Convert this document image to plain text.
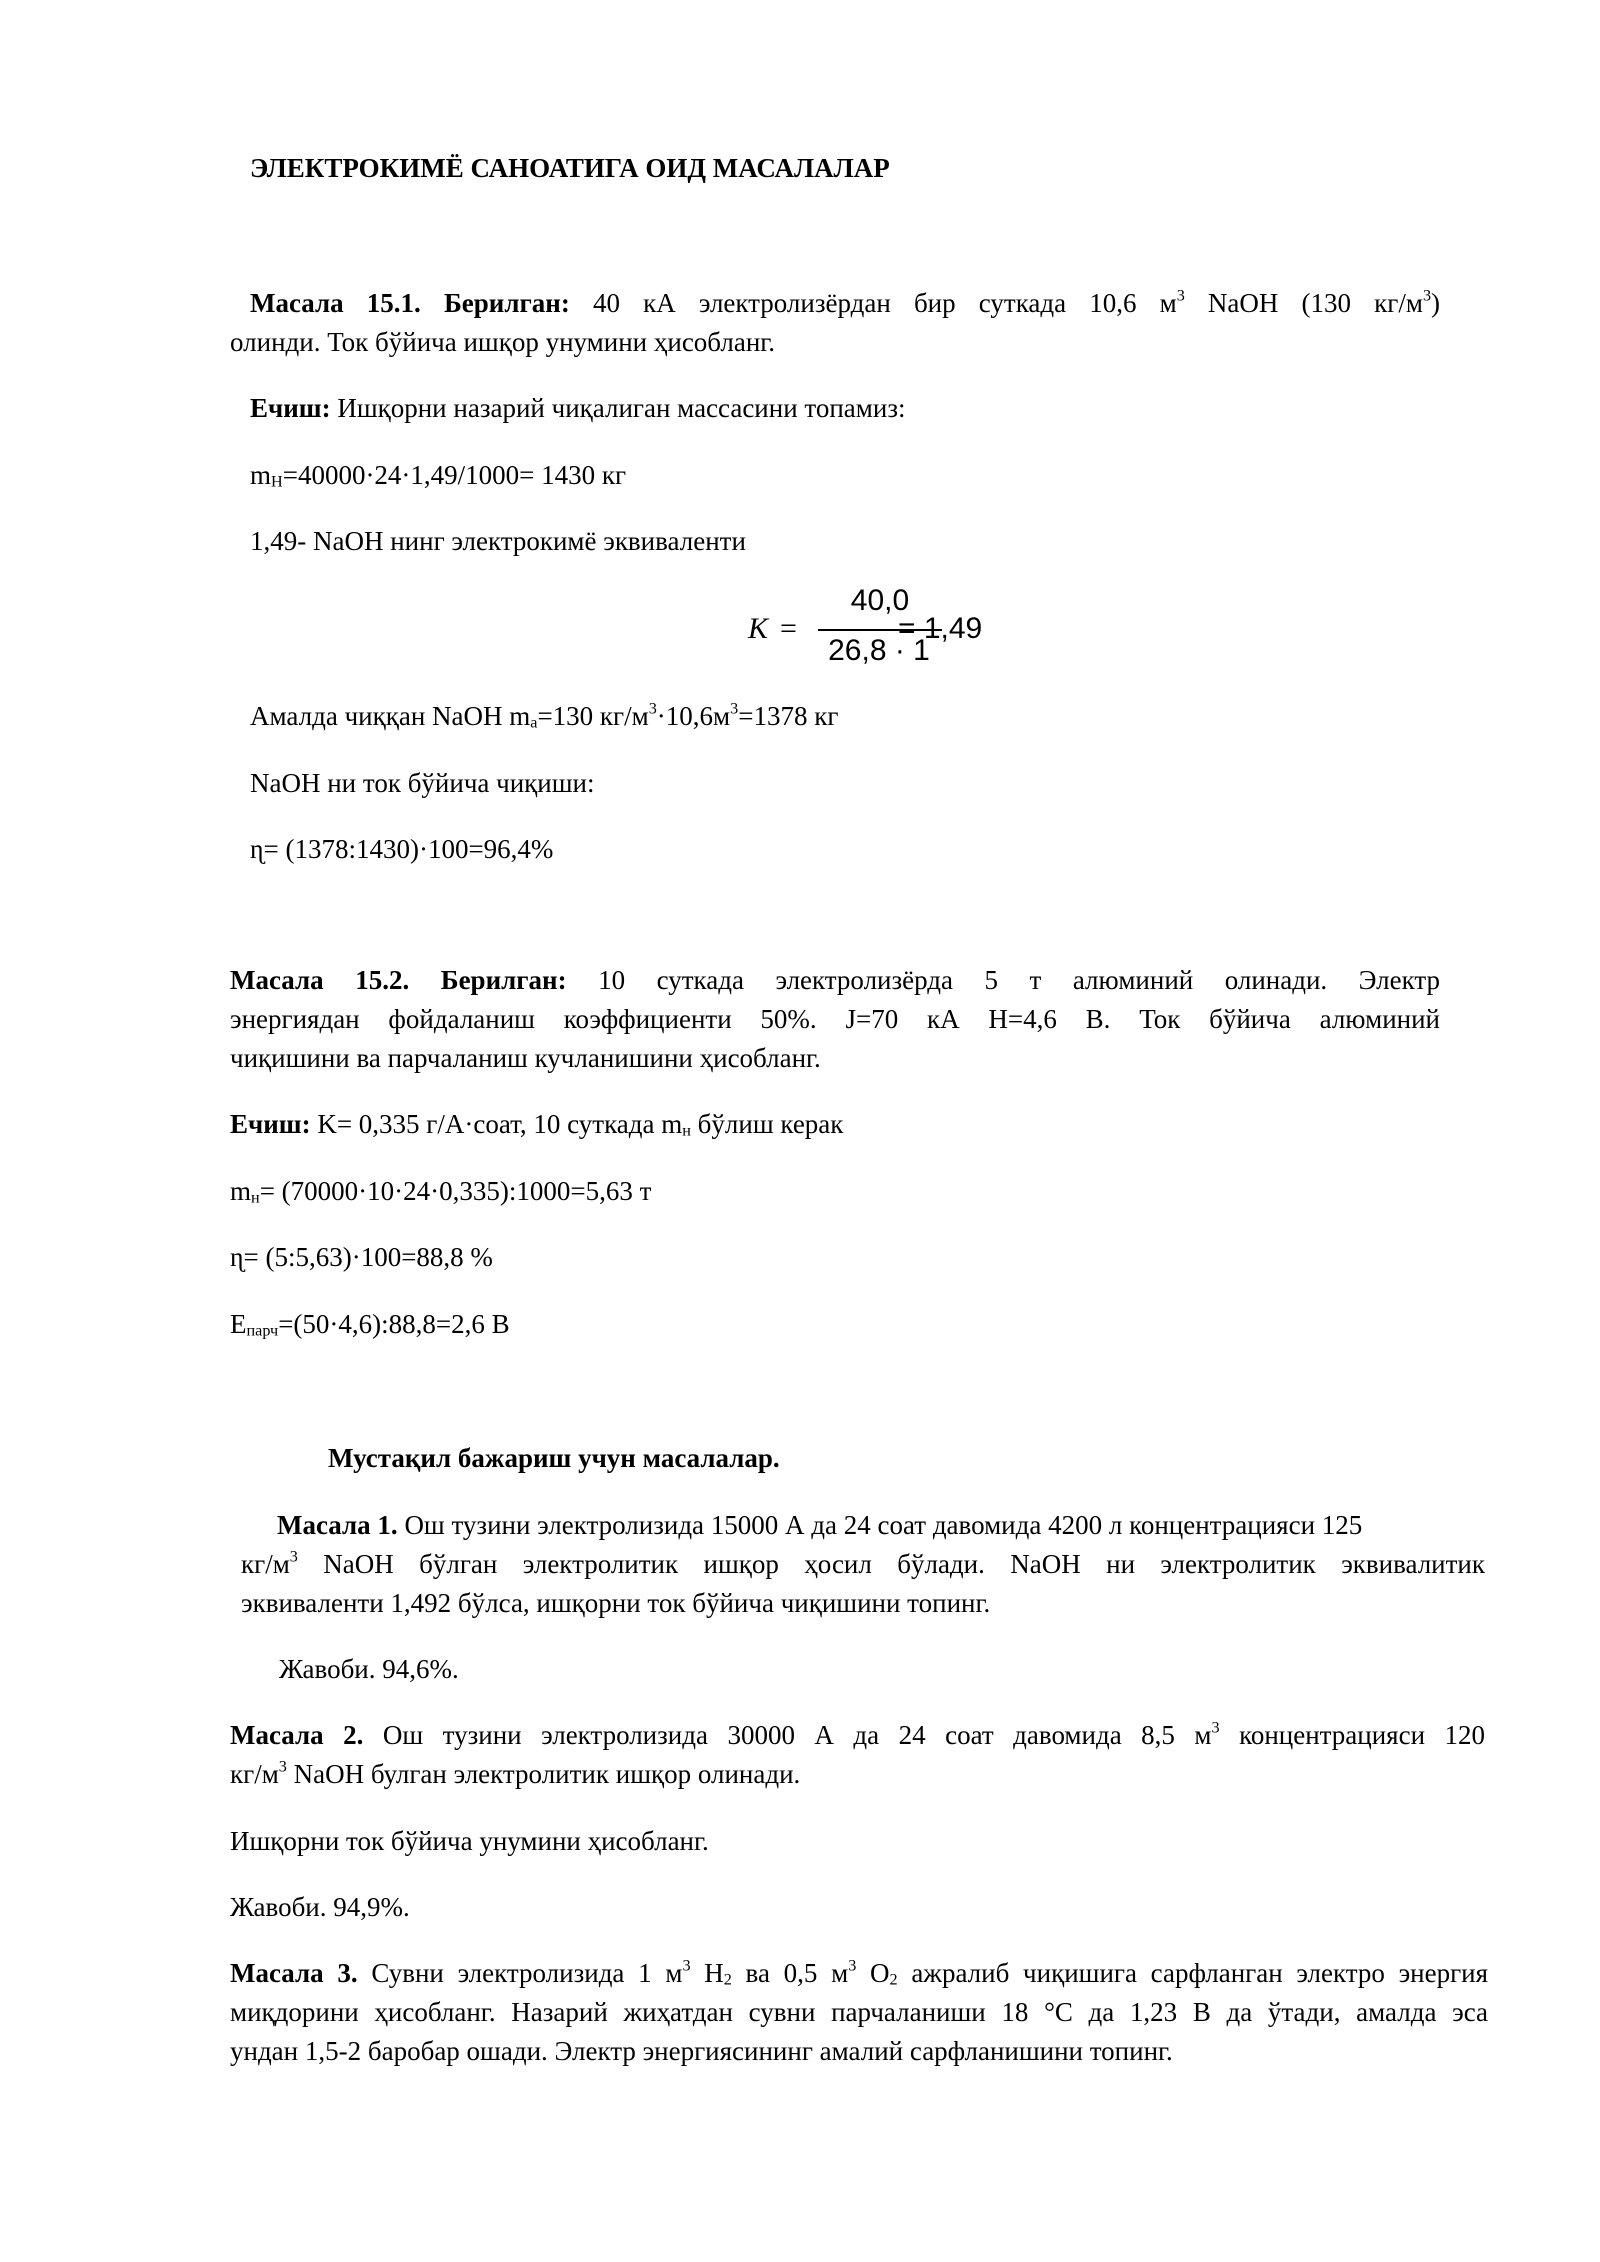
ЭЛЕКТРОКИМЁ САНОАТИГА ОИД МАСАЛАЛАР
Масала 15.1. Берилган: 40 кА электролизёрдан бир суткада 10,6 $м^3$ NaOH (130 $кг/м^3$)
олинди. Ток бўйича ишқор унумини ҳисобланг.
Ечиш: Ишқорни назарий чиқалиган массасини топамиз:
$m_H=40000\cdot 24\cdot 1,49/1000= 1430$ кг
1,49- NaOH нинг электрокимё эквиваленти
K =
40,0
26,8 · 1
= 1,49
Амалда чиққан NaOH $m_a=130$ $кг/м^3\cdot 10,6м^3=1378$ кг
NaOH ни ток бўйича чиқиши:
ɳ= (1378:1430)·100=96,4%
Масала 15.2. Берилган: 10 суткада электролизёрда 5 т алюминий олинади. Электр
энергиядан фойдаланиш коэффициенти 50%. J=70 кА H=4,6 В. Ток бўйича алюминий
чиқишини ва парчаланиш кучланишини ҳисобланг.
Ечиш: K= 0,335 г/А·соат, 10 суткада $m_н$ бўлиш керак
$m_н=$ (70000·10·24·0,335):1000=5,63 т
ɳ= (5:5,63)·100=88,8 %
$E_{парч}=(50\cdot 4,6):88,8=2,6$ В
Мустақил бажариш учун масалалар.
Масала 1. Ош тузини электролизида 15000 А да 24 соат давомида 4200 л концентрацияси 125
$кг/м^3$ NaOH бўлган электролитик ишқор ҳосил бўлади. NaOH ни электролитик эквивалитик
эквиваленти 1,492 бўлса, ишқорни ток бўйича чиқишини топинг.
Жавоби. 94,6%.
Масала 2. Ош тузини электролизида 30000 А да 24 соат давомида 8,5 $м^3$ концентрацияси 120
$кг/м^3$ NaOH булган электролитик ишқор олинади.
Ишқорни ток бўйича унумини ҳисобланг.
Жавоби. 94,9%.
Масала 3. Сувни электролизида 1 $м^3$ $H_2$ ва 0,5 $м^3$ $O_2$ ажралиб чиқишига сарфланган электро энергия
миқдорини ҳисобланг. Назарий жиҳатдан сувни парчаланиши 18 °С да 1,23 В да ўтади, амалда эса
ундан 1,5-2 баробар ошади. Электр энергиясининг амалий сарфланишини топинг.
